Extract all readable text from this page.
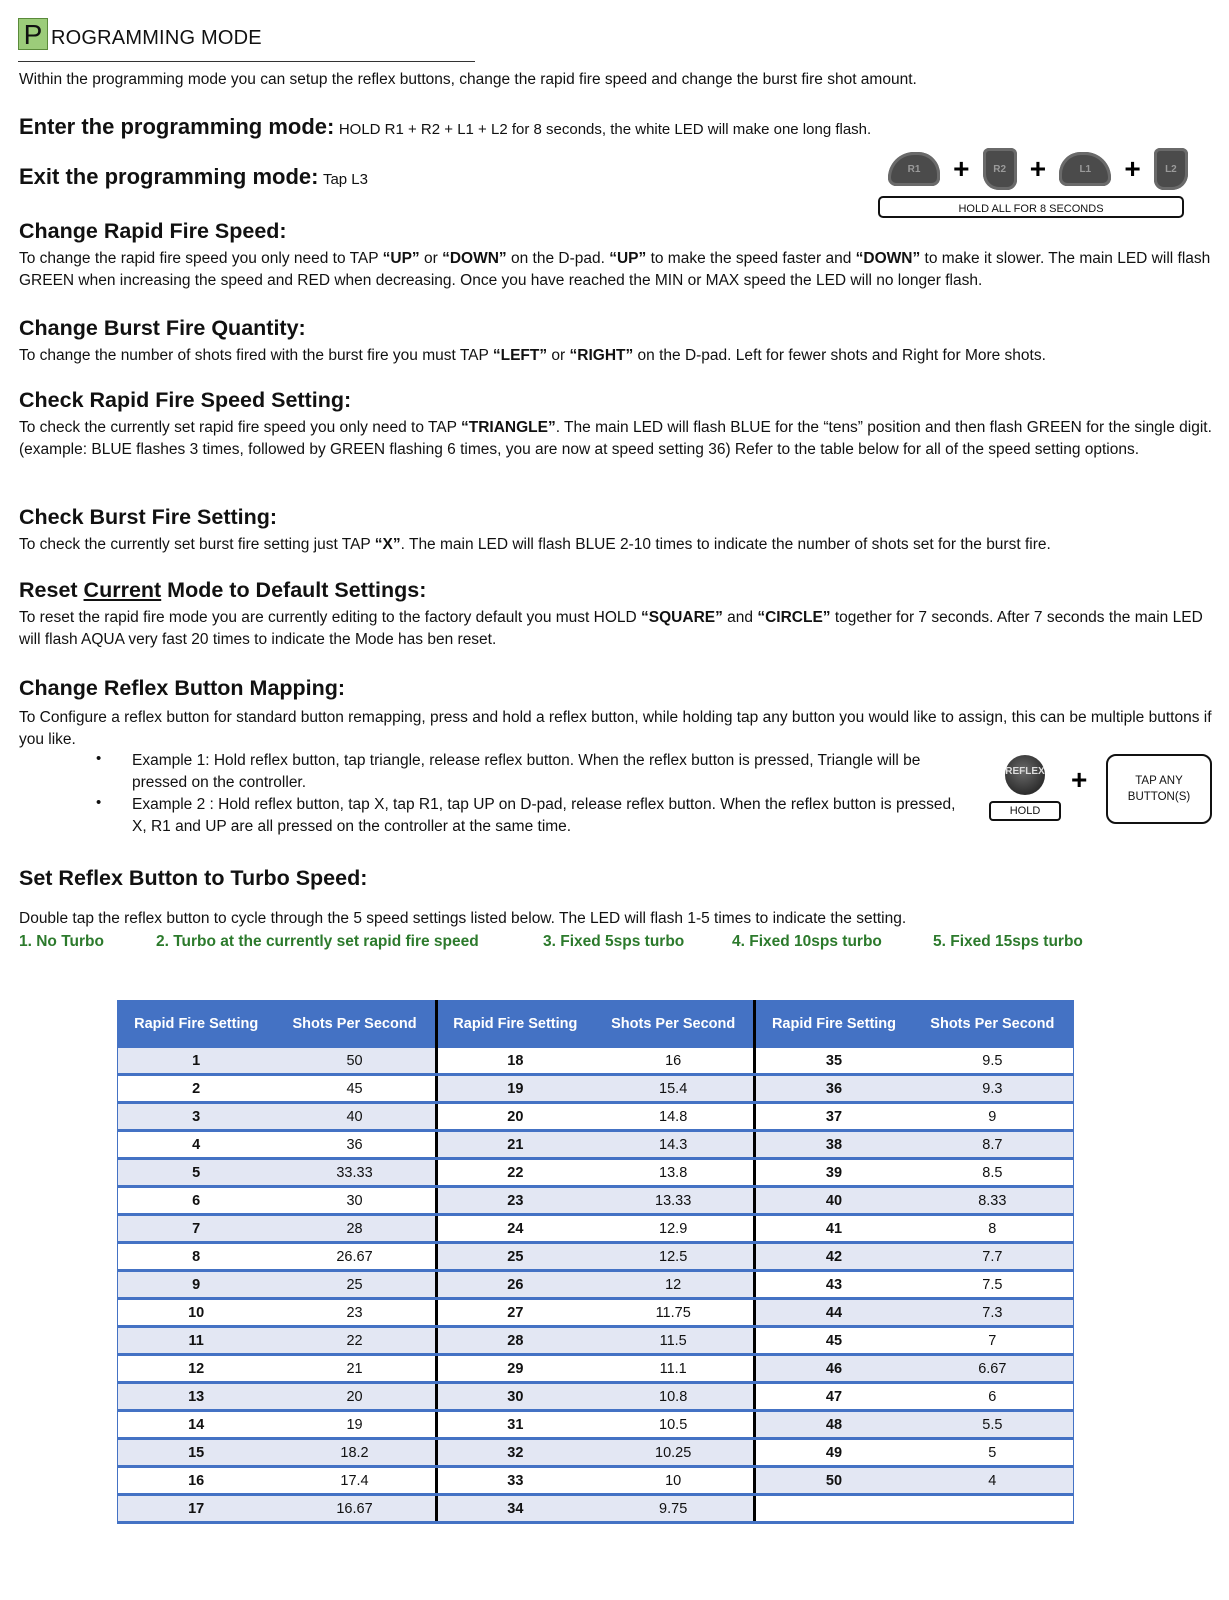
P ROGRAMMING MODE
Within the programming mode you can setup the reflex buttons, change the rapid fire speed and change the burst fire shot amount.
Enter the programming mode: HOLD R1 + R2 + L1 + L2 for 8 seconds, the white LED will make one long flash.
Exit the programming mode: Tap L3
R1	+	R2 +	L1	+	L2
HOLD ALL FOR 8 SECONDS
Change Rapid Fire Speed:
To change the rapid fire speed you only need to TAP “UP” or “DOWN” on the D-pad. “UP” to make the speed faster and “DOWN” to make it slower. The main LED will flash GREEN when increasing the speed and RED when decreasing. Once you have reached the MIN or MAX speed the LED will no longer flash.
Change Burst Fire Quantity:
To change the number of shots fired with the burst fire you must TAP “LEFT” or “RIGHT” on the D-pad. Left for fewer shots and Right for More shots.
Check Rapid Fire Speed Setting:
To check the currently set rapid fire speed you only need to TAP “TRIANGLE”. The main LED will flash BLUE for the “tens” position and then flash GREEN for the single digit. (example: BLUE flashes 3 times, followed by GREEN flashing 6 times, you are now at speed setting 36) Refer to the table below for all of the speed setting options.
Check Burst Fire Setting:
To check the currently set burst fire setting just TAP “X”. The main LED will flash BLUE 2-10 times to indicate the number of shots set for the burst fire.
Reset Current Mode to Default Settings:
To reset the rapid fire mode you are currently editing to the factory default you must HOLD “SQUARE” and “CIRCLE” together for 7 seconds. After 7 seconds the main LED will flash AQUA very fast 20 times to indicate the Mode has ben reset.
Change Reflex Button Mapping:
To Configure a reflex button for standard button remapping, press and hold a reflex button, while holding tap any button you would like to assign, this can be multiple buttons if you like.
•	Example 1: Hold reflex button, tap triangle, release reflex button. When the reflex button is pressed, Triangle will be pressed on the controller.
•	Example 2 : Hold reflex button, tap X, tap R1, tap UP on D-pad, release reflex button. When the reflex button is pressed, X, R1 and UP are all pressed on the controller at the same time.
REFLEX
HOLD
+	TAP ANY BUTTON(S)
Set Reflex Button to Turbo Speed:
Double tap the reflex button to cycle through the 5 speed settings listed below. The LED will flash 1-5 times to indicate the setting.
1. No Turbo	2. Turbo at the currently set rapid fire speed	3. Fixed 5sps turbo	4. Fixed 10sps turbo	5. Fixed 15sps turbo
Rapid Fire Setting	Shots Per Second	Rapid Fire Setting	Shots Per Second	Rapid Fire Setting	Shots Per Second
1	50	18	16	35	9.5
2	45	19	15.4	36	9.3
3	40	20	14.8	37	9
4	36	21	14.3	38	8.7
5	33.33	22	13.8	39	8.5
6	30	23	13.33	40	8.33
7	28	24	12.9	41	8
8	26.67	25	12.5	42	7.7
9	25	26	12	43	7.5
10	23	27	11.75	44	7.3
11	22	28	11.5	45	7
12	21	29	11.1	46	6.67
13	20	30	10.8	47	6
14	19	31	10.5	48	5.5
15	18.2	32	10.25	49	5
16	17.4	33	10	50	4
17	16.67	34	9.75		
